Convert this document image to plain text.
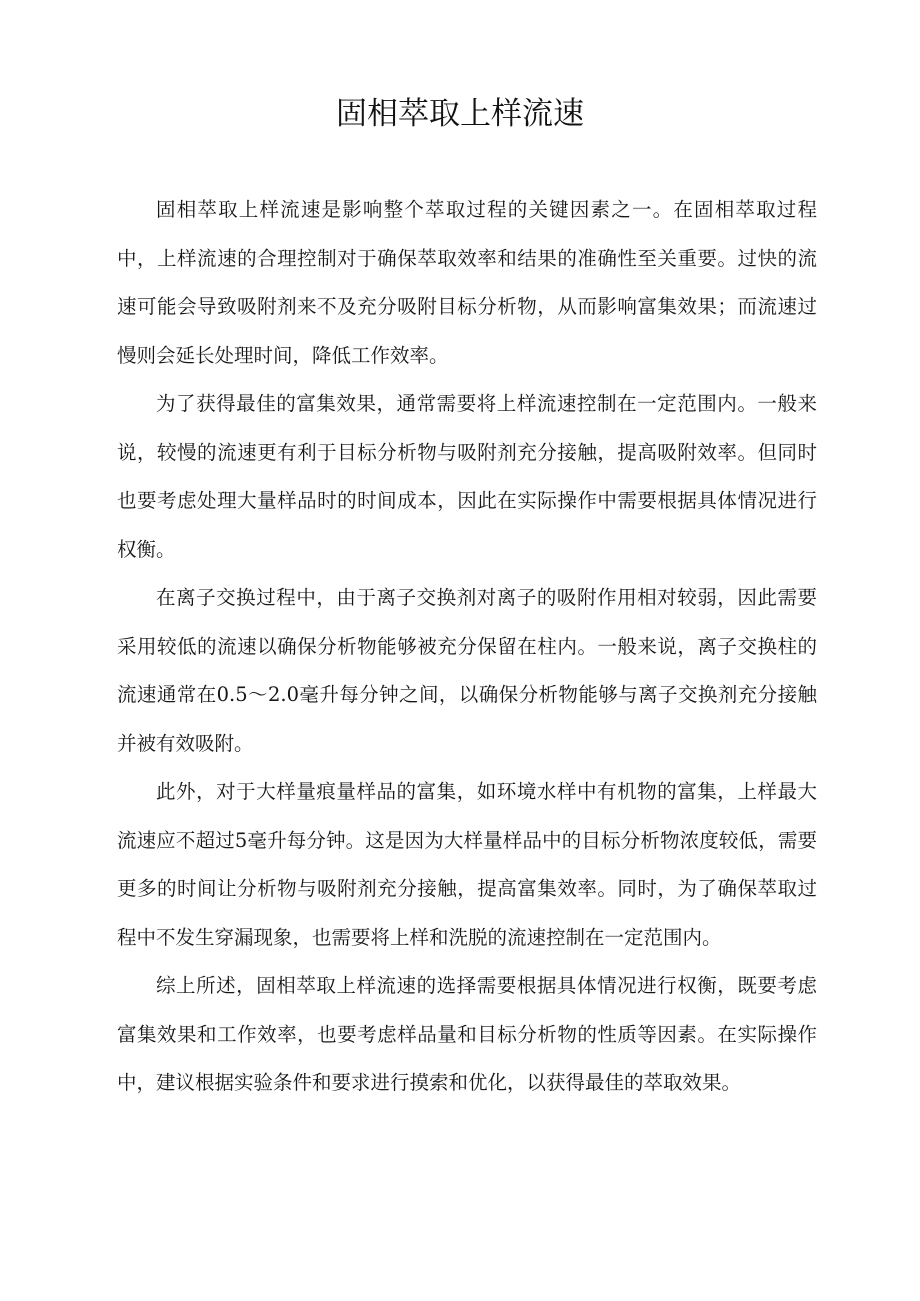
固相萃取上样流速

固相萃取上样流速是影响整个萃取过程的关键因素之一。在固相萃取过程中，上样流速的合理控制对于确保萃取效率和结果的准确性至关重要。过快的流速可能会导致吸附剂来不及充分吸附目标分析物，从而影响富集效果；而流速过慢则会延长处理时间，降低工作效率。

为了获得最佳的富集效果，通常需要将上样流速控制在一定范围内。一般来说，较慢的流速更有利于目标分析物与吸附剂充分接触，提高吸附效率。但同时也要考虑处理大量样品时的时间成本，因此在实际操作中需要根据具体情况进行权衡。

在离子交换过程中，由于离子交换剂对离子的吸附作用相对较弱，因此需要采用较低的流速以确保分析物能够被充分保留在柱内。一般来说，离子交换柱的流速通常在0.5〜2.0毫升每分钟之间，以确保分析物能够与离子交换剂充分接触并被有效吸附。

此外，对于大样量痕量样品的富集，如环境水样中有机物的富集，上样最大流速应不超过5毫升每分钟。这是因为大样量样品中的目标分析物浓度较低，需要更多的时间让分析物与吸附剂充分接触，提高富集效率。同时，为了确保萃取过程中不发生穿漏现象，也需要将上样和洗脱的流速控制在一定范围内。

综上所述，固相萃取上样流速的选择需要根据具体情况进行权衡，既要考虑富集效果和工作效率，也要考虑样品量和目标分析物的性质等因素。在实际操作中，建议根据实验条件和要求进行摸索和优化，以获得最佳的萃取效果。
